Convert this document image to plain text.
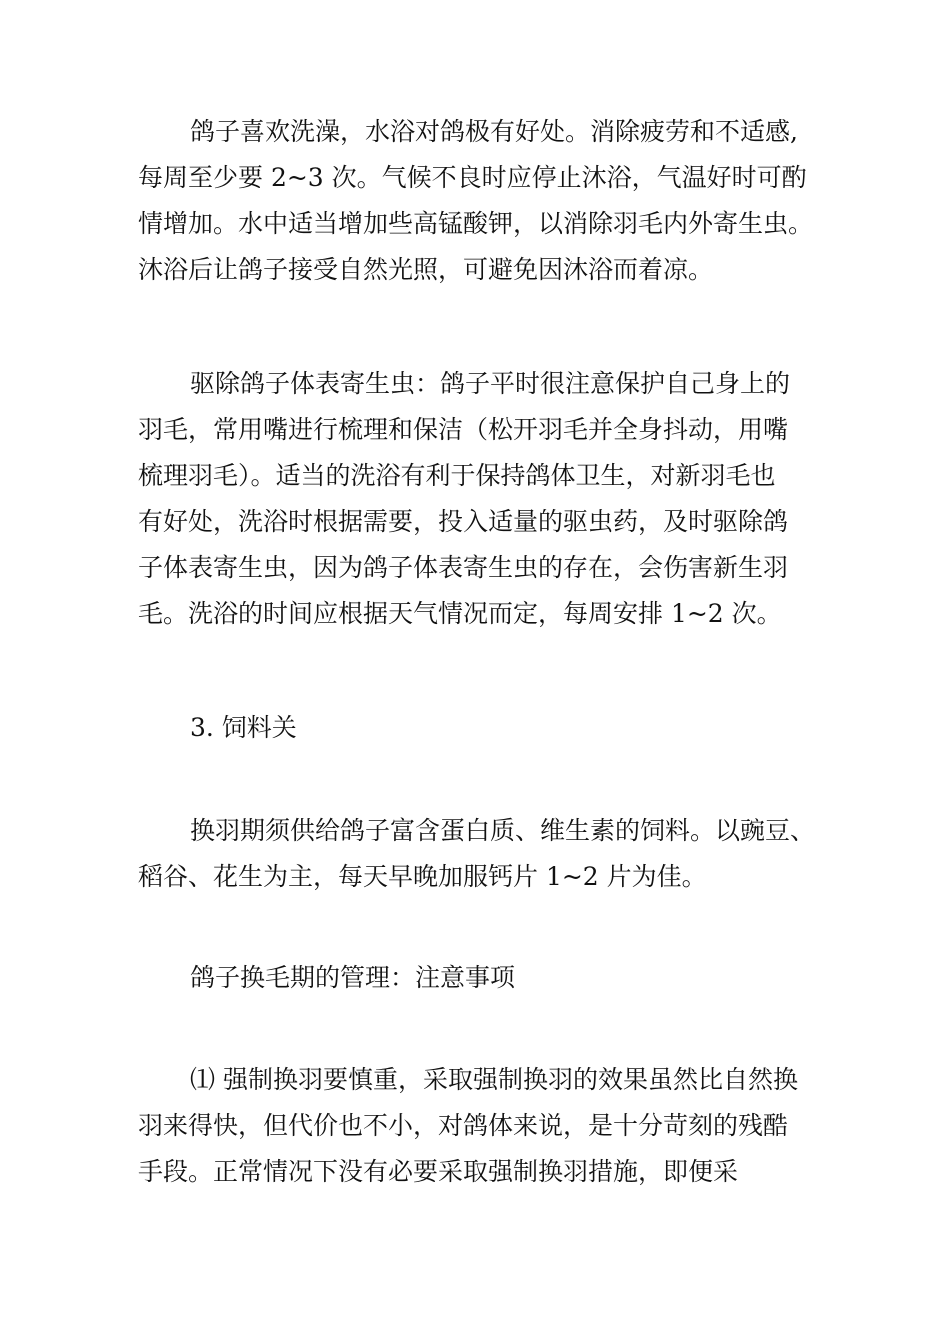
鸽子喜欢洗澡，水浴对鸽极有好处。消除疲劳和不适感,
每周至少要 2~3 次。气候不良时应停止沐浴，气温好时可酌
情增加。水中适当增加些高锰酸钾，以消除羽毛内外寄生虫。
沐浴后让鸽子接受自然光照，可避免因沐浴而着凉。

驱除鸽子体表寄生虫：鸽子平时很注意保护自己身上的
羽毛，常用嘴进行梳理和保洁（松开羽毛并全身抖动，用嘴
梳理羽毛）。适当的洗浴有利于保持鸽体卫生，对新羽毛也
有好处，洗浴时根据需要，投入适量的驱虫药，及时驱除鸽
子体表寄生虫，因为鸽子体表寄生虫的存在，会伤害新生羽
毛。洗浴的时间应根据天气情况而定，每周安排 1~2 次。

3. 饲料关

换羽期须供给鸽子富含蛋白质、维生素的饲料。以豌豆、
稻谷、花生为主，每天早晚加服钙片 1~2 片为佳。

鸽子换毛期的管理：注意事项

⑴ 强制换羽要慎重，采取强制换羽的效果虽然比自然换
羽来得快，但代价也不小，对鸽体来说，是十分苛刻的残酷
手段。正常情况下没有必要采取强制换羽措施，即便采
